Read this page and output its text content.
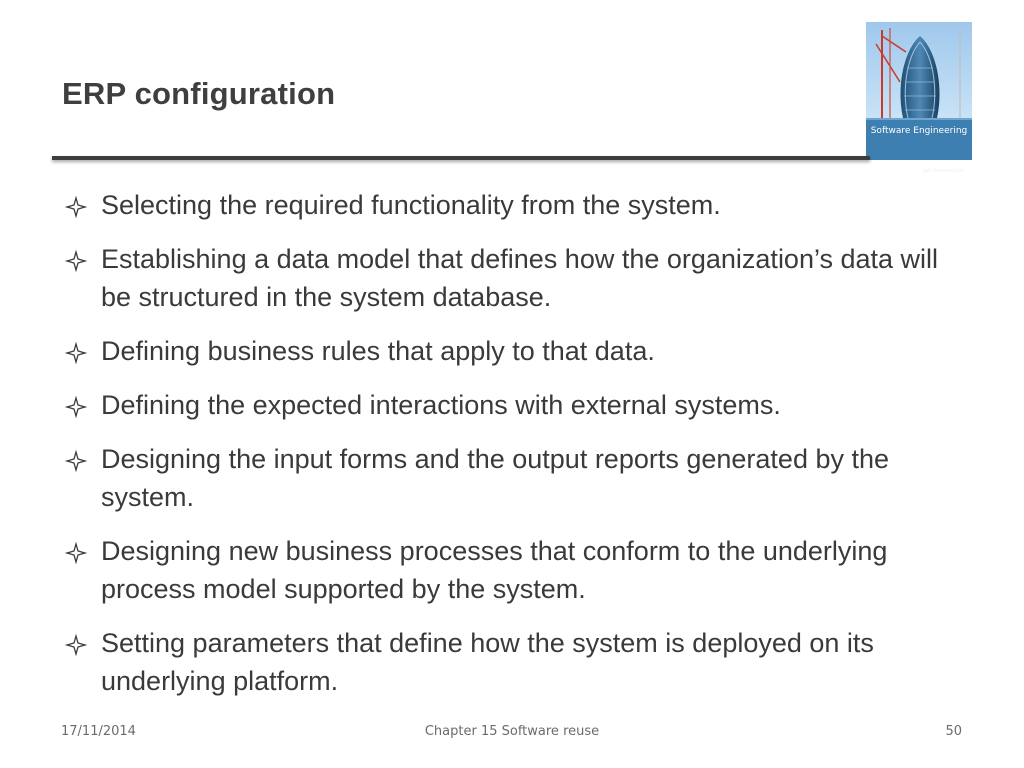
ERP configuration
Software Engineering
Ian Sommerville
Selecting the required functionality from the system.
Establishing a data model that defines how the organization’s data will be structured in the system database.
Defining business rules that apply to that data.
Defining the expected interactions with external systems.
Designing the input forms and the output reports generated by the system.
Designing new business processes that conform to the underlying process model supported by the system.
Setting parameters that define how the system is deployed on its underlying platform.
17/11/2014	Chapter 15 Software reuse	50
